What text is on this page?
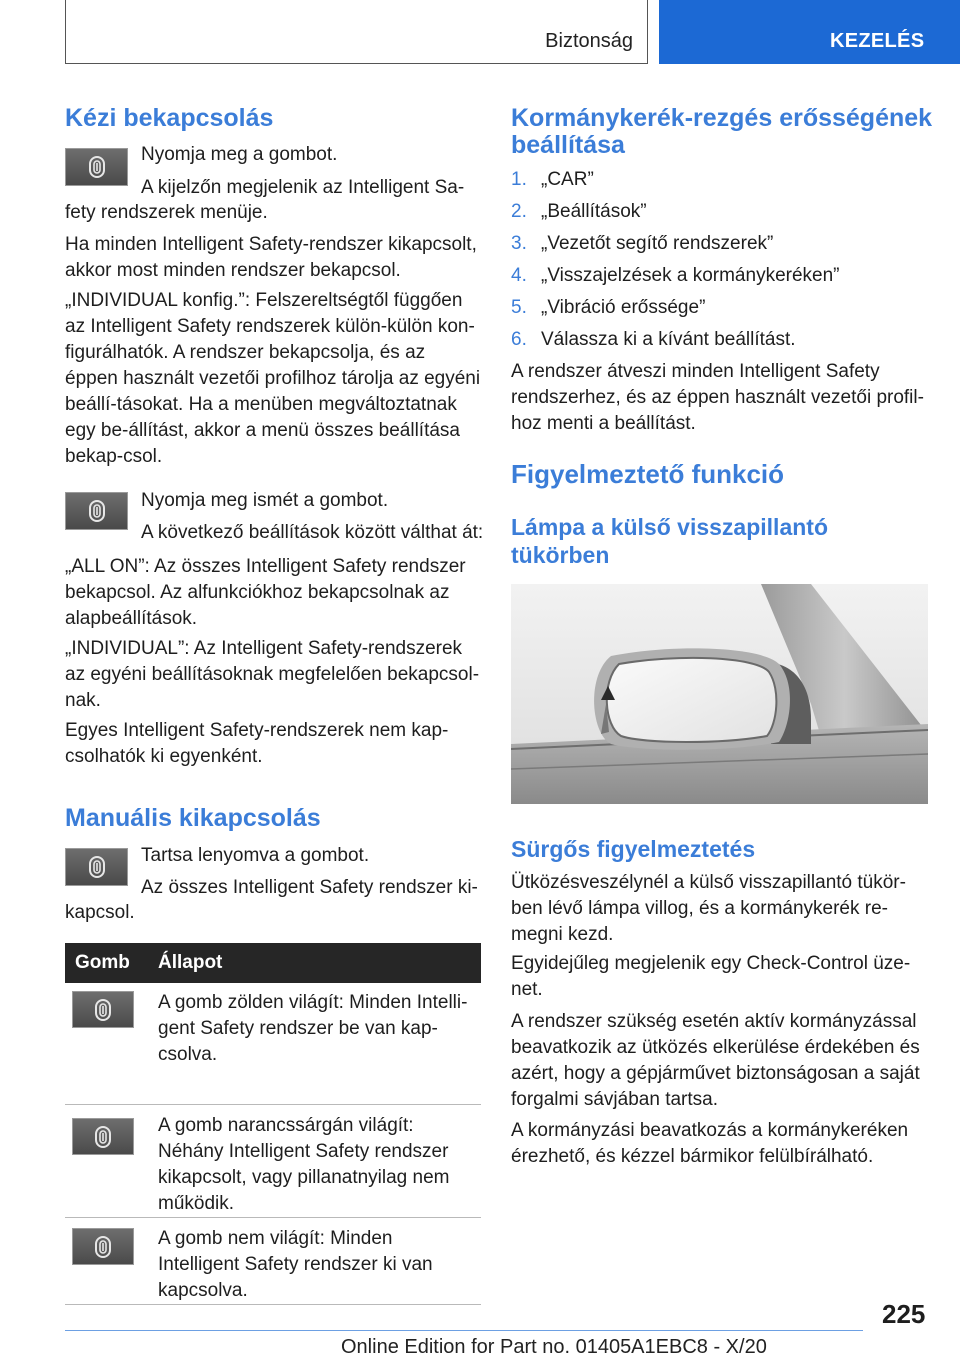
Biztonság	KEZELÉS
Kézi bekapcsolás

Nyomja meg a gombot.

A kijelzőn megjelenik az Intelligent Sa-

fety rendszerek menüje.

Ha minden Intelligent Safety-rendszer kikapcsolt, akkor most minden rendszer bekapcsol.

„INDIVIDUAL konfig.”: Felszereltségtől függően az Intelligent Safety rendszerek külön-külön kon-figurálhatók. A rendszer bekapcsolja, és az éppen használt vezetői profilhoz tárolja az egyéni beállí-tásokat. Ha a menüben megváltoztatnak egy be-állítást, akkor a menü összes beállítása bekap-csol.

Nyomja meg ismét a gombot.

A következő beállítások között válthat át:

„ALL ON”: Az összes Intelligent Safety rendszer bekapcsol. Az alfunkciókhoz bekapcsolnak az alapbeállítások.

„INDIVIDUAL”: Az Intelligent Safety-rendszerek az egyéni beállításoknak megfelelően bekapcsol-nak.

Egyes Intelligent Safety-rendszerek nem kap-csolhatók ki egyenként.

Manuális kikapcsolás

Tartsa lenyomva a gombot.

Az összes Intelligent Safety rendszer ki-

kapcsol.

Gomb	Állapot

	A gomb zölden világít: Minden Intelli-gent Safety rendszer be van kap-csolva.

	A gomb narancssárgán világít: Néhány Intelligent Safety rendszer kikapcsolt, vagy pillanatnyilag nem működik.

	A gomb nem világít: Minden Intelligent Safety rendszer ki van kapcsolva.
Kormánykerék-rezgés erősségének
beállítása
1. „CAR”
2. „Beállítások”
3. „Vezetőt segítő rendszerek”
4. „Visszajelzések a kormánykeréken”
5. „Vibráció erőssége”
6. Válassza ki a kívánt beállítást.

A rendszer átveszi minden Intelligent Safety rendszerhez, és az éppen használt vezetői profil-hoz menti a beállítást.

Figyelmeztető funkció
Lámpa a külső visszapillantó
tükörben
Sürgős figyelmeztetés

Ütközésveszélynél a külső visszapillantó tükör-ben lévő lámpa villog, és a kormánykerék re-megni kezd.

Egyidejűleg megjelenik egy Check-Control üze-net.

A rendszer szükség esetén aktív kormányzással beavatkozik az ütközés elkerülése érdekében és azért, hogy a gépjárművet biztonságosan a saját forgalmi sávjában tartsa.

A kormányzási beavatkozás a kormánykeréken érezhető, és kézzel bármikor felülbírálható.

225
Online Edition for Part no. 01405A1EBC8 - X/20
